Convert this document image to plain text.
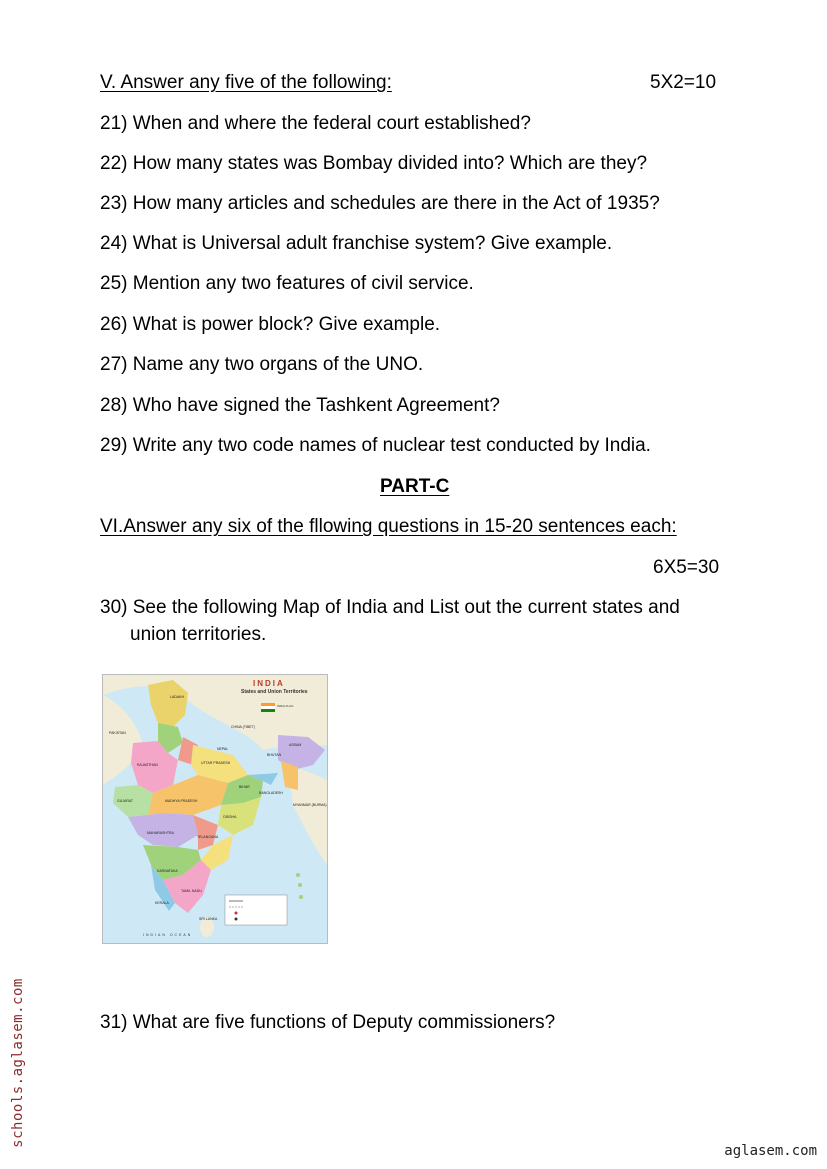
V. Answer any five of the following:	5X2=10
21) When and where the federal court established?
22) How many states was Bombay divided into? Which are they?
23) How many articles and schedules are there in the Act of 1935?
24) What is Universal adult franchise system? Give example.
25) Mention any two features of civil service.
26) What is power block? Give example.
27) Name any two organs of the UNO.
28) Who have signed the Tashkent Agreement?
29) Write any two code names of nuclear test conducted by India.
PART-C
VI.Answer any six of the fllowing questions in 15-20 sentences each:
6X5=30
30) See the following Map of India and List out the current states and
union territories.
INDIA
States and Union Territories
INDIA FLAG
LADAKH
PAKISTAN
CHINA (TIBET)
NEPAL
BHUTAN
RAJASTHAN	UTTAR PRADESH
GUJARAT	MADHYA PRADESH
MAHARASHTRA
TELANGANA
KARNATAKA
TAMIL NADU
KERALA
ODISHA
BIHAR
ASSAM
BANGLADESH
MYANMAR (BURMA)
SRI LANKA
INDIAN OCEAN
31) What are five functions of Deputy commissioners?
schools.aglasem.com
aglasem.com
